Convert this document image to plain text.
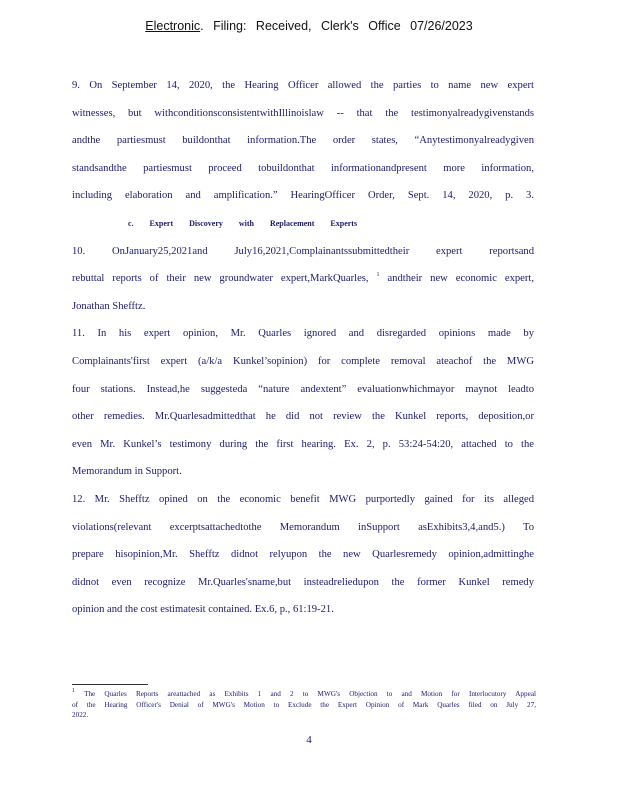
Electronic. Filing: Received, Clerk's Office 07/26/2023
9. On September 14, 2020, the Hearing Officer allowed the parties to name new expert
witnesses, but withconditionsconsistentwithIllinoislaw -- that the testimonyalreadygivenstands
andthe partiesmust buildonthat information.The order states, “Anytestimonyalreadygiven
standsandthe partiesmust proceed tobuildonthat informationandpresent more information,
including elaboration and amplification.” HearingOfficer Order, Sept. 14, 2020, p. 3.
c. Expert Discovery with Replacement Experts
10. OnJanuary25,2021and July16,2021,Complainantssubmittedtheir expert reportsand
rebuttal reports of their new groundwater expert,MarkQuarles, $^1$ andtheir new economic expert,
Jonathan Shefftz.
11. In his expert opinion, Mr. Quarles ignored and disregarded opinions made by
Complainants'first expert (a/k/a Kunkel’sopinion) for complete removal ateachof the MWG
four stations. Instead,he suggesteda “nature andextent” evaluationwhichmayor maynot leadto
other remedies. Mr.Quarlesadmittedthat he did not review the Kunkel reports, deposition,or
even Mr. Kunkel’s testimony during the first hearing. Ex. 2, p. 53:24-54:20, attached to the
Memorandum in Support.
12. Mr. Shefftz opined on the economic benefit MWG purportedly gained for its alleged
violations(relevant excerptsattachedtothe Memorandum inSupport asExhibits3,4,and5.) To
prepare hisopinion,Mr. Shefftz didnot relyupon the new Quarlesremedy opinion,admittinghe
didnot even recognize Mr.Quarles'sname,but insteadreliedupon the former Kunkel remedy
opinion and the cost estimatesit contained. Ex.6, p., 61:19-21.
$^1$ The Quarles Reports areattached as Exhibits 1 and 2 to MWG's Objection to and Motion for Interlocutory Appeal
of the Hearing Officer's Denial of MWG's Motion to Exclude the Expert Opinion of Mark Quarles filed on July 27,
2022.
4
